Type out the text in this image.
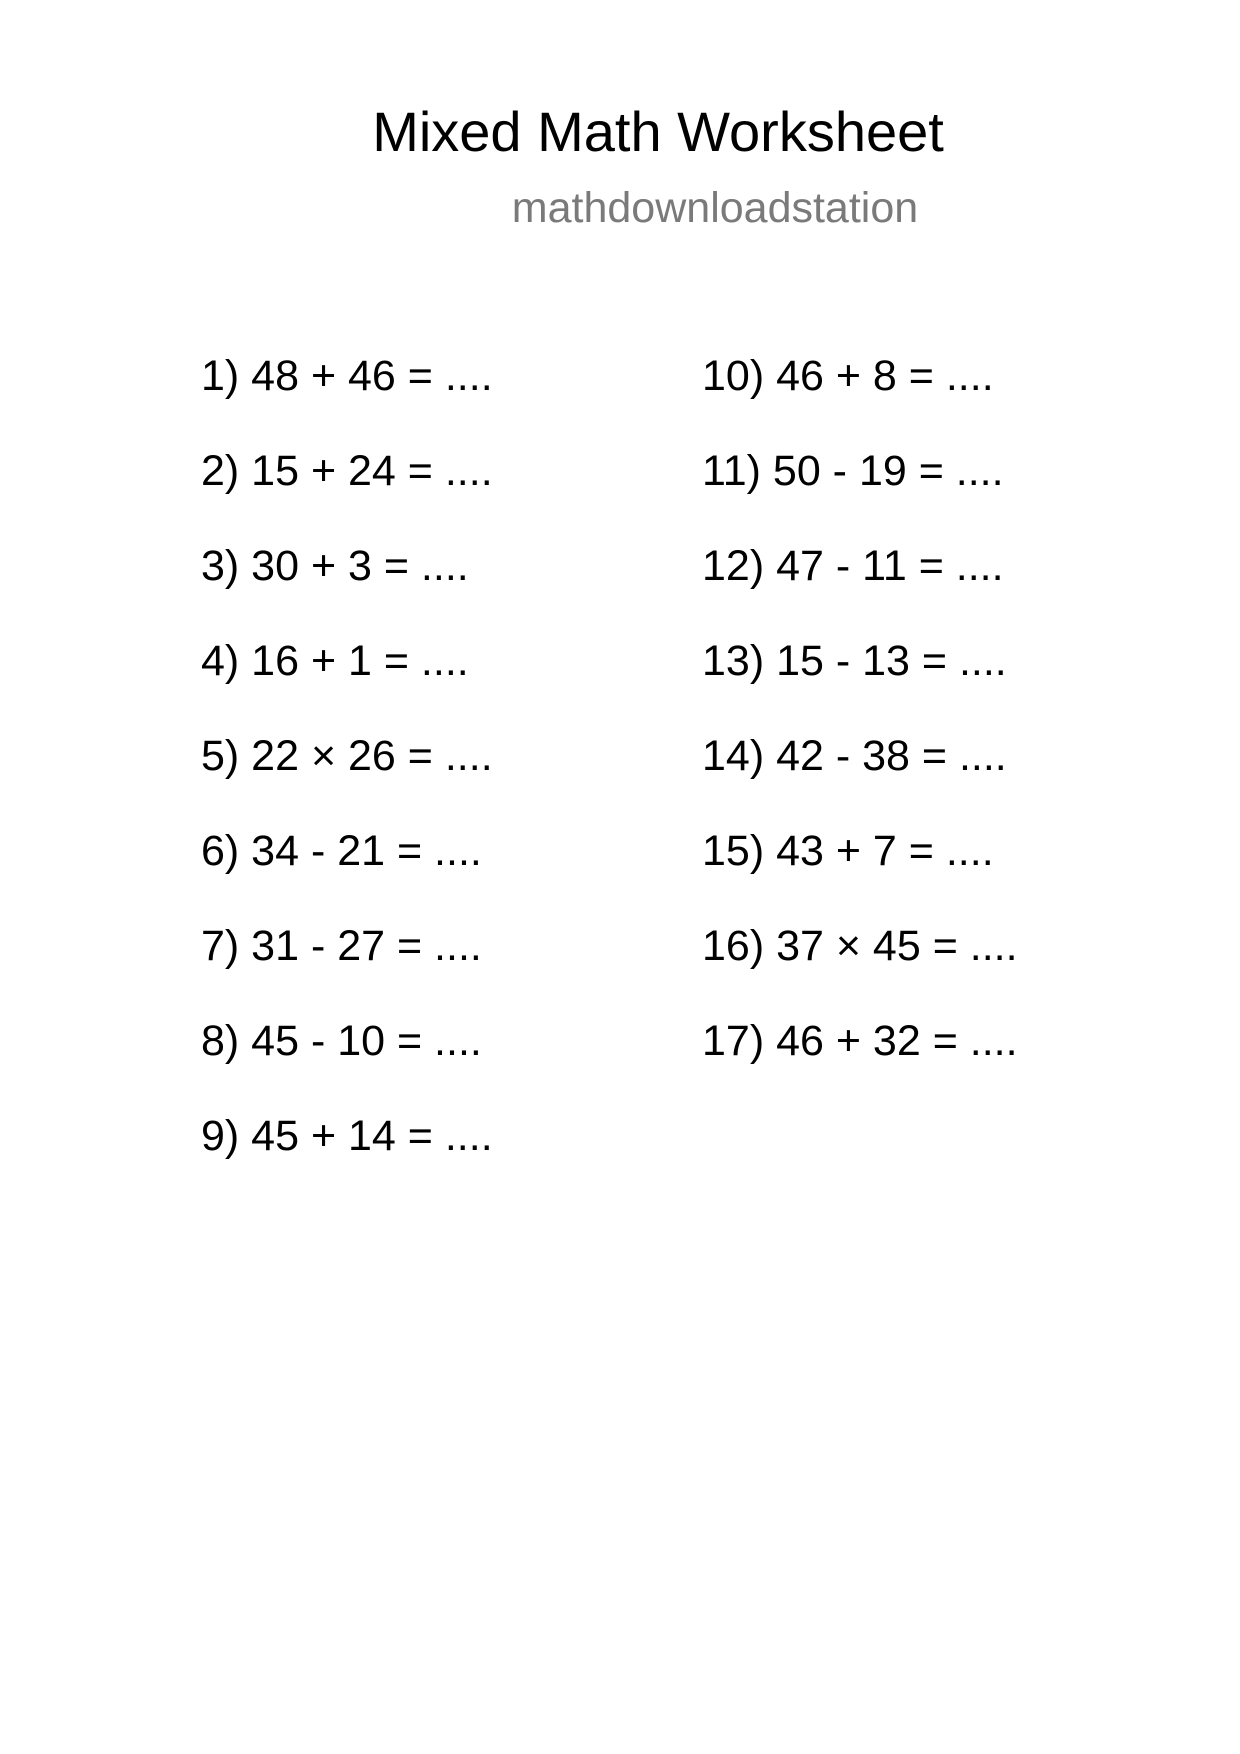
Mixed Math Worksheet
mathdownloadstation
1) 48 + 46 = ....
2) 15 + 24 = ....
3) 30 + 3 = ....
4) 16 + 1 = ....
5) 22 × 26 = ....
6) 34 - 21 = ....
7) 31 - 27 = ....
8) 45 - 10 = ....
9) 45 + 14 = ....
10) 46 + 8 = ....
11) 50 - 19 = ....
12) 47 - 11 = ....
13) 15 - 13 = ....
14) 42 - 38 = ....
15) 43 + 7 = ....
16) 37 × 45 = ....
17) 46 + 32 = ....
